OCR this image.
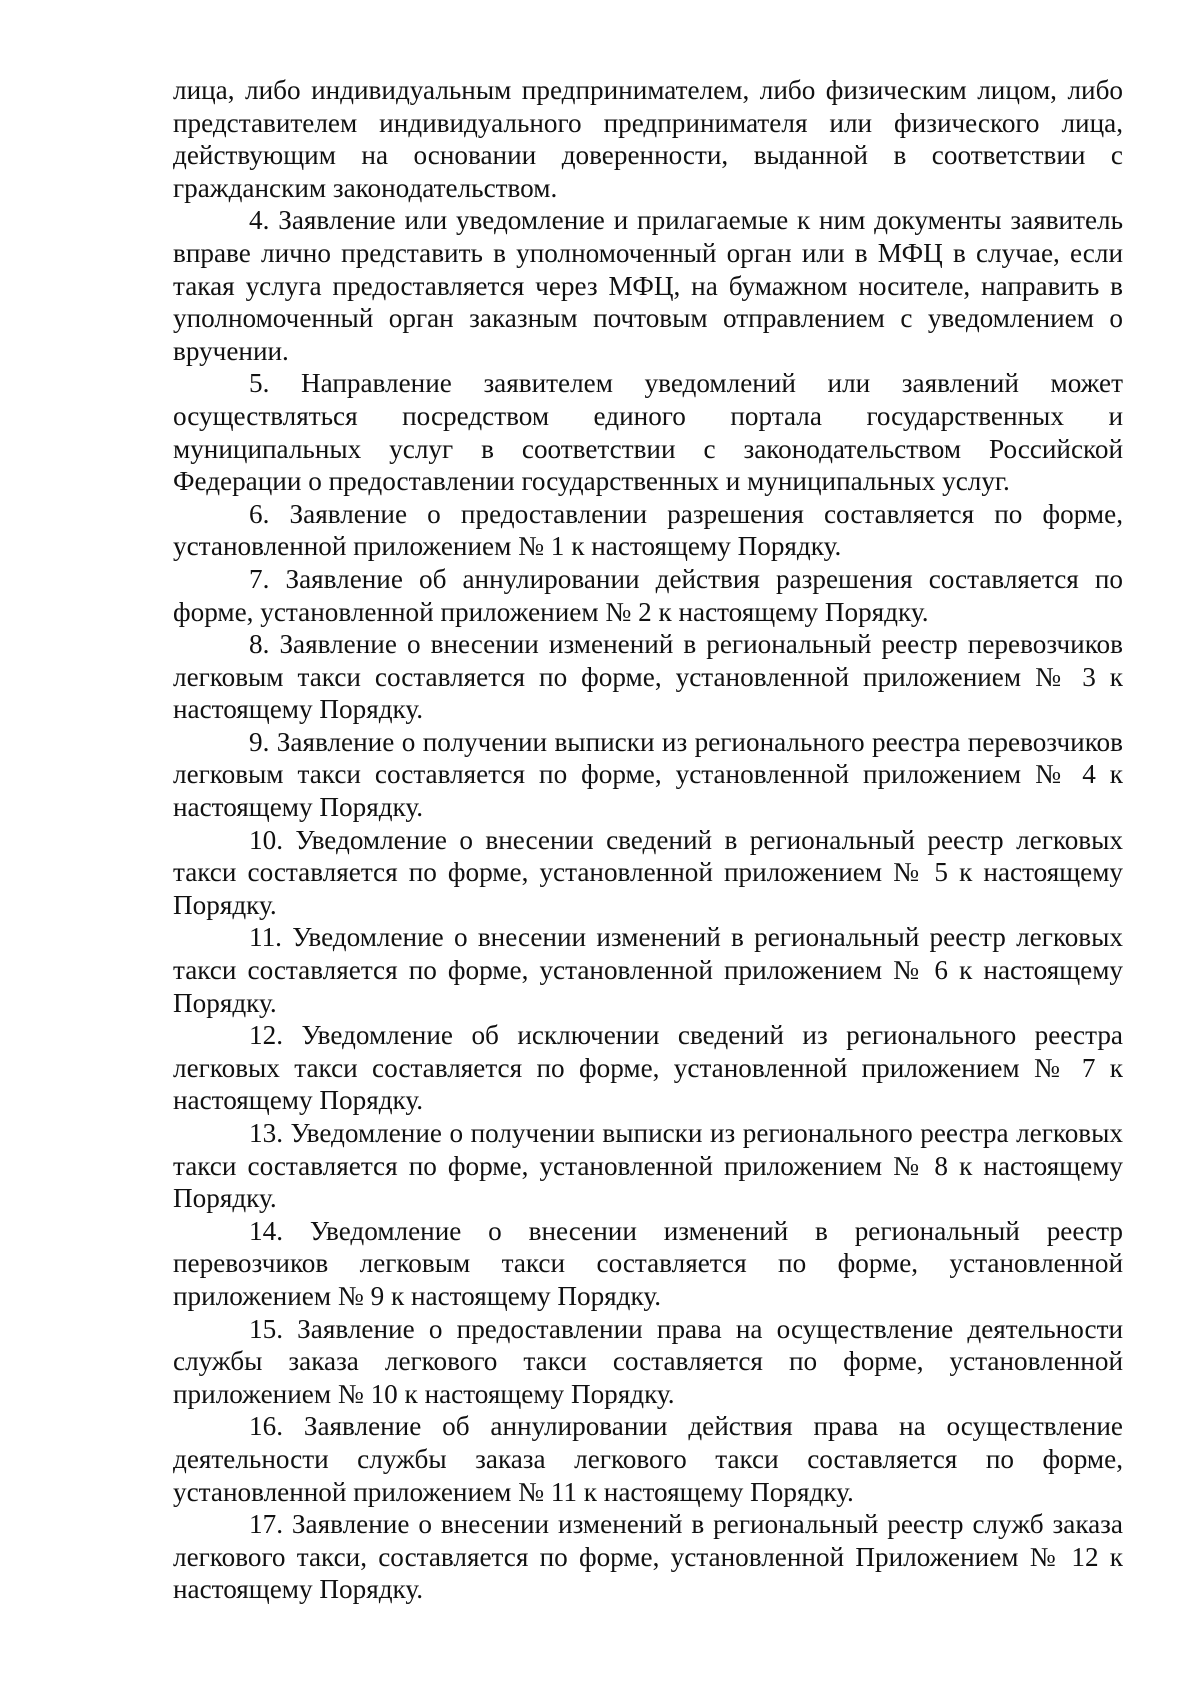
лица, либо индивидуальным предпринимателем, либо физическим лицом, либо представителем индивидуального предпринимателя или физического лица, действующим на основании доверенности, выданной в соответствии с гражданским законодательством.

4. Заявление или уведомление и прилагаемые к ним документы заявитель вправе лично представить в уполномоченный орган или в МФЦ в случае, если такая услуга предоставляется через МФЦ, на бумажном носителе, направить в уполномоченный орган заказным почтовым отправлением с уведомлением о вручении.

5. Направление заявителем уведомлений или заявлений может осуществляться посредством единого портала государственных и муниципальных услуг в соответствии с законодательством Российской Федерации о предоставлении государственных и муниципальных услуг.

6. Заявление о предоставлении разрешения составляется по форме, установленной приложением № 1 к настоящему Порядку.

7. Заявление об аннулировании действия разрешения составляется по форме, установленной приложением № 2 к настоящему Порядку.

8. Заявление о внесении изменений в региональный реестр перевозчиков легковым такси составляется по форме, установленной приложением № 3 к настоящему Порядку.

9. Заявление о получении выписки из регионального реестра перевозчиков легковым такси составляется по форме, установленной приложением № 4 к настоящему Порядку.

10. Уведомление о внесении сведений в региональный реестр легковых такси составляется по форме, установленной приложением № 5 к настоящему Порядку.

11. Уведомление о внесении изменений в региональный реестр легковых такси составляется по форме, установленной приложением № 6 к настоящему Порядку.

12. Уведомление об исключении сведений из регионального реестра легковых такси составляется по форме, установленной приложением № 7 к настоящему Порядку.

13. Уведомление о получении выписки из регионального реестра легковых такси составляется по форме, установленной приложением № 8 к настоящему Порядку.

14. Уведомление о внесении изменений в региональный реестр перевозчиков легковым такси составляется по форме, установленной приложением № 9 к настоящему Порядку.

15. Заявление о предоставлении права на осуществление деятельности службы заказа легкового такси составляется по форме, установленной приложением № 10 к настоящему Порядку.

16. Заявление об аннулировании действия права на осуществление деятельности службы заказа легкового такси составляется по форме, установленной приложением № 11 к настоящему Порядку.

17. Заявление о внесении изменений в региональный реестр служб заказа легкового такси, составляется по форме, установленной Приложением № 12 к настоящему Порядку.
